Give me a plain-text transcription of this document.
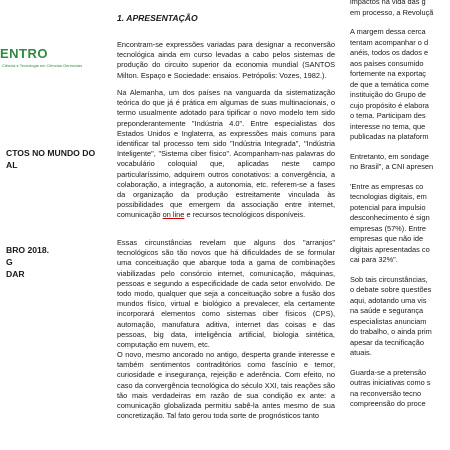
ENTRO
Ciência e Tecnologia em Ciências Gerenciais
CTOS NO MUNDO DO
AL
BRO 2018.
G
DAR
1. APRESENTAÇÃO

Encontram-se expressões variadas para designar a reconversão tecnológica ainda em curso levadas a cabo pelos sistemas de produção do circuito superior da economia mundial (SANTOS Milton. Espaço e Sociedade: ensaios. Petrópolis: Vozes, 1982.).

Na Alemanha, um dos países na vanguarda da sistematização teórica do que já é prática em algumas de suas multinacionais, o termo usualmente adotado para tipificar o novo modelo tem sido preponderantemente "Indústria 4.0". Entre especialistas dos Estados Unidos e Inglaterra, as expressões mais comuns para identificar tal processo tem sido "Indústria Integrada", "Indústria Inteligente", "Sistema ciber físico". Acompanham-nas palavras do vocabulário coloquial que, aplicadas neste campo particularíssimo, adquirem outros conotativos: a convergência, a colaboração, a integração, a autonomia, etc. referem-se a fases da organização da produção estreitamente vinculada às possibilidades que emergem da associação entre internet, comunicação on line e recursos tecnológicos disponíveis.

Essas circunstâncias revelam que alguns dos "arranjos" tecnológicos são tão novos que há dificuldades de se formular uma conceituação que abarque toda a gama de combinações viabilizadas pelo consórcio internet, comunicação, máquinas, pessoas e segundo a especificidade de cada setor envolvido. De todo modo, qualquer que seja a conceituação sobre a fusão dos mundos físico, virtual e biológico a prevalecer, ela certamente incorporará elementos como sistemas ciber físicos (CPS), automação, manufatura aditiva, internet das coisas e das pessoas, big data, inteligência artificial, biologia sintética, computação em nuvem, etc.

O novo, mesmo ancorado no antigo, desperta grande interesse e também sentimentos contraditórios como fascínio e temor, curiosidade e insegurança, rejeição e aderência. Com efeito, no caso da convergência tecnológica do século XXI, tais reações são tão mais verdadeiras em razão de sua condição ex ante: a comunicação globalizada permitiu sabê-la antes mesmo de sua concretização. Tal fato gerou toda sorte de prognósticos tanto

impactos na vida das g
em processo, a Revoluçã
A margem dessa cerca
tentam acompanhar o d
anéis, todos os dados e
aos países consumido
fortemente na exportaç
de que a temática come
instituição do Grupo de
cujo propósito é elabora
o tema. Participam des
interesse no tema, que
publicadas na plataform
Entretanto, em sondage
no Brasil", a CNI apresen
'Entre as empresas co
tecnologias digitais, em
potencial para impulsio
desconhecimento é sign
empresas (57%). Entre
empresas que não ide
digitais apresentadas co
cai para 32%".
Sob tais circunstâncias,
o debate sobre questões
aqui, adotando uma vis
na saúde e segurança
especialistas anunciam
do trabalho, o ainda prim
apesar da tecnificação
atuais.
Guarda-se a pretensão
outras iniciativas como s
na reconversão tecno
compreensão do proce
